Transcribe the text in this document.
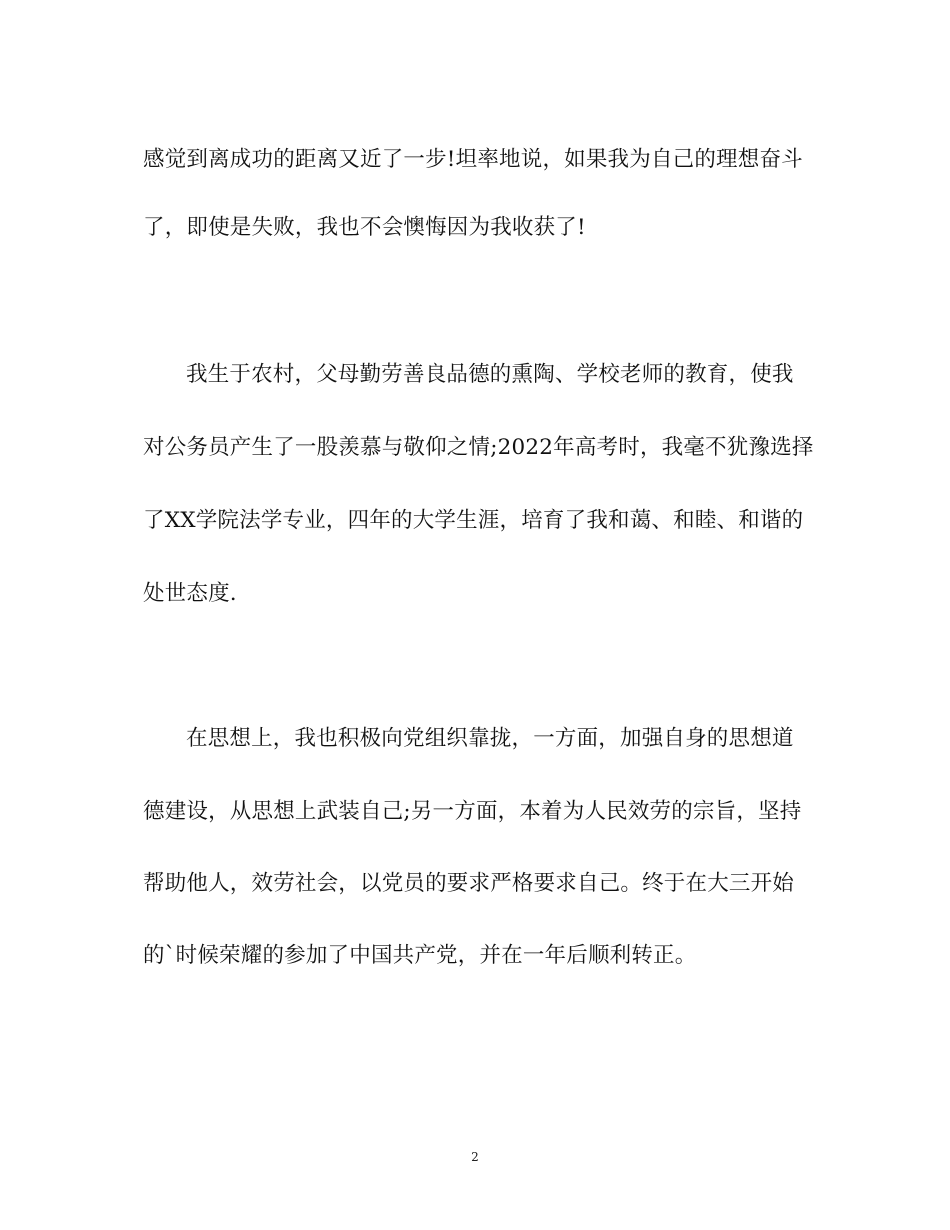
感觉到离成功的距离又近了一步!坦率地说，如果我为自己的理想奋斗
了，即使是失败，我也不会懊悔因为我收获了!
我生于农村，父母勤劳善良品德的熏陶、学校老师的教育，使我
对公务员产生了一股羡慕与敬仰之情;2022年高考时，我毫不犹豫选择
了XX学院法学专业，四年的大学生涯，培育了我和蔼、和睦、和谐的
处世态度.
在思想上，我也积极向党组织靠拢，一方面，加强自身的思想道
德建设，从思想上武装自己;另一方面，本着为人民效劳的宗旨，坚持
帮助他人，效劳社会，以党员的要求严格要求自己。终于在大三开始
的`时候荣耀的参加了中国共产党，并在一年后顺利转正。
2
